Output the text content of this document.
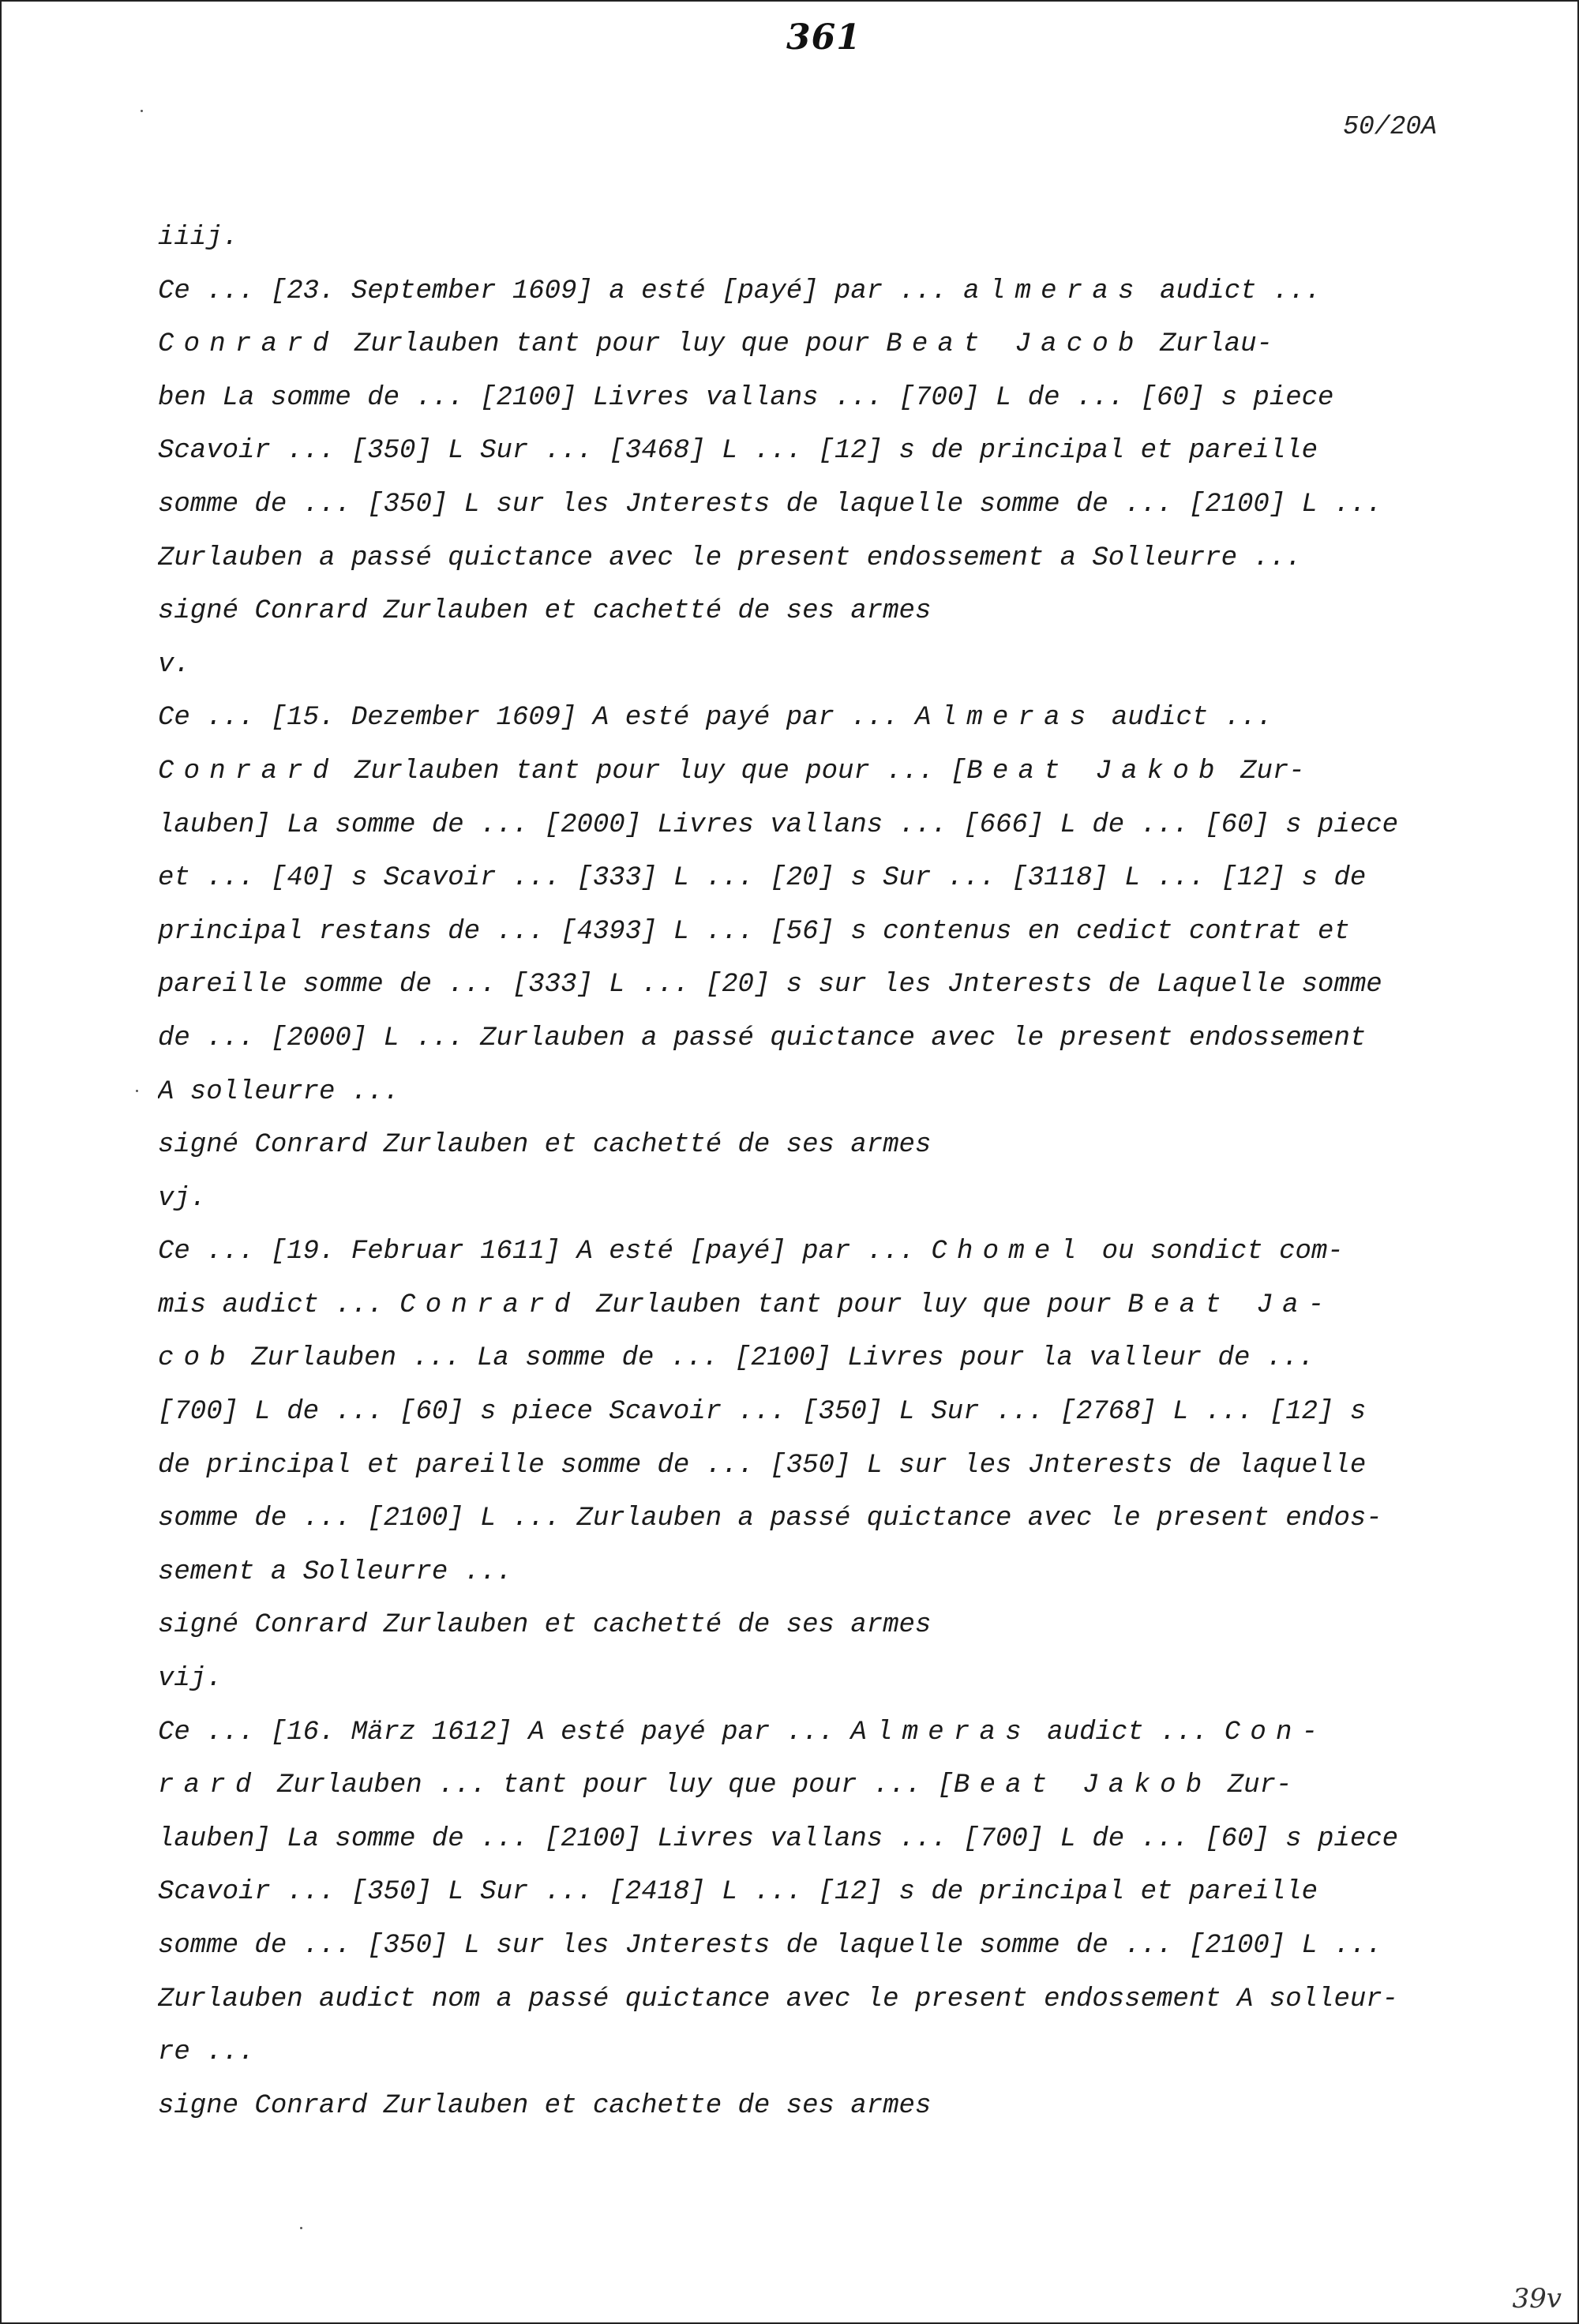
361
50/20A
iiij.
Ce ... [23. September 1609] a esté [payé] par ... almeras audict ...
Conrard Zurlauben tant pour luy que pour Beat Jacob Zurlau-
ben La somme de ... [2100] Livres vallans ... [700] L de ... [60] s piece
Scavoir ... [350] L Sur ... [3468] L ... [12] s de principal et pareille
somme de ... [350] L sur les Jnterests de laquelle somme de ... [2100] L ...
Zurlauben a passé quictance avec le present endossement a Solleurre ...
signé Conrard Zurlauben et cachetté de ses armes
v.
Ce ... [15. Dezember 1609] A esté payé par ... Almeras audict ...
Conrard Zurlauben tant pour luy que pour ... [Beat Jakob Zur-
lauben] La somme de ... [2000] Livres vallans ... [666] L de ... [60] s piece
et ... [40] s Scavoir ... [333] L ... [20] s Sur ... [3118] L ... [12] s de
principal restans de ... [4393] L ... [56] s contenus en cedict contrat et
pareille somme de ... [333] L ... [20] s sur les Jnterests de Laquelle somme
de ... [2000] L ... Zurlauben a passé quictance avec le present endossement
A solleurre ...
signé Conrard Zurlauben et cachetté de ses armes
vj.
Ce ... [19. Februar 1611] A esté [payé] par ... Chomel ou sondict com-
mis audict ... Conrard Zurlauben tant pour luy que pour Beat Ja-
cob Zurlauben ... La somme de ... [2100] Livres pour la valleur de ...
[700] L de ... [60] s piece Scavoir ... [350] L Sur ... [2768] L ... [12] s
de principal et pareille somme de ... [350] L sur les Jnterests de laquelle
somme de ... [2100] L ... Zurlauben a passé quictance avec le present endos-
sement a Solleurre ...
signé Conrard Zurlauben et cachetté de ses armes
vij.
Ce ... [16. März 1612] A esté payé par ... Almeras audict ... Con-
rard Zurlauben ... tant pour luy que pour ... [Beat Jakob Zur-
lauben] La somme de ... [2100] Livres vallans ... [700] L de ... [60] s piece
Scavoir ... [350] L Sur ... [2418] L ... [12] s de principal et pareille
somme de ... [350] L sur les Jnterests de laquelle somme de ... [2100] L ...
Zurlauben audict nom a passé quictance avec le present endossement A solleur-
re ...
signe Conrard Zurlauben et cachette de ses armes
39v
